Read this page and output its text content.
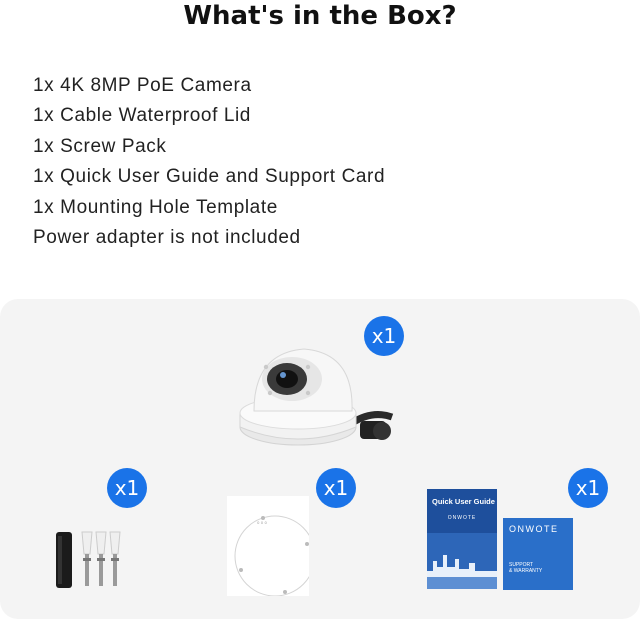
What's in the Box?
1x 4K 8MP PoE Camera
1x Cable Waterproof Lid
1x Screw Pack
1x Quick User Guide and Support Card
1x Mounting Hole Template
Power adapter is not included
x1
x1	x1
o o o
x1
Quick User Guide
ONWOTE
ONWOTE
SUPPORT
& WARRANTY
